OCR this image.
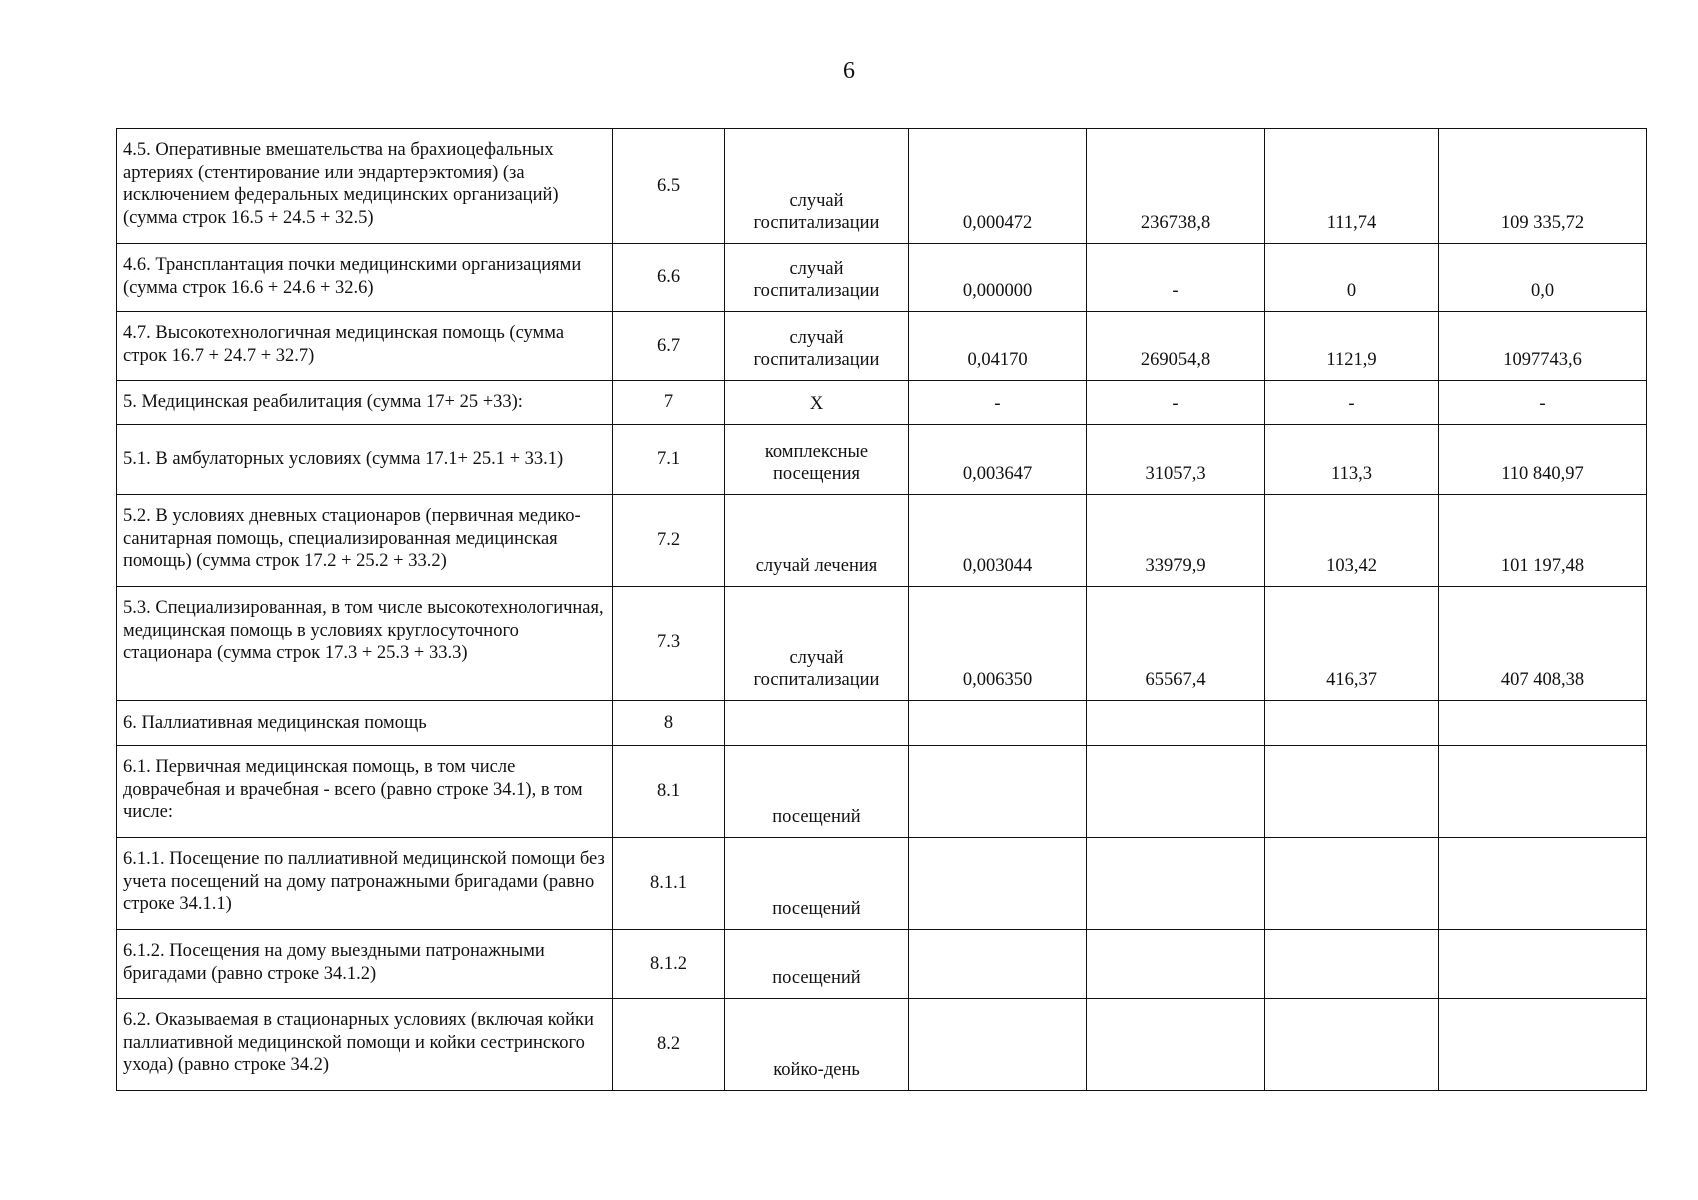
6
4.5. Оперативные вмешательства на брахиоцефальных артериях (стентирование или эндартерэктомия) (за исключением федеральных медицинских организаций) (сумма строк 16.5 + 24.5 + 32.5)	6.5	случай госпитализации	0,000472	236738,8	111,74	109 335,72
4.6. Трансплантация почки медицинскими организациями (сумма строк 16.6 + 24.6 + 32.6)	6.6	случай госпитализации	0,000000	-	0	0,0
4.7. Высокотехнологичная медицинская помощь (сумма строк 16.7 + 24.7 + 32.7)	6.7	случай госпитализации	0,04170	269054,8	1121,9	1097743,6
5. Медицинская реабилитация (сумма 17+ 25 +33):	7	Х	-	-	-	-
5.1. В амбулаторных условиях (сумма 17.1+ 25.1 + 33.1)	7.1	комплексные посещения	0,003647	31057,3	113,3	110 840,97
5.2. В условиях дневных стационаров (первичная медико-санитарная помощь, специализированная медицинская помощь) (сумма строк 17.2 + 25.2 + 33.2)	7.2	случай лечения	0,003044	33979,9	103,42	101 197,48
5.3. Специализированная, в том числе высокотехнологичная, медицинская помощь в условиях круглосуточного стационара (сумма строк 17.3 + 25.3 + 33.3)	7.3	случай госпитализации	0,006350	65567,4	416,37	407 408,38
6. Паллиативная медицинская помощь	8					
6.1. Первичная медицинская помощь, в том числе доврачебная и врачебная - всего (равно строке 34.1), в том числе:	8.1	посещений				
6.1.1. Посещение по паллиативной медицинской помощи без учета посещений на дому патронажными бригадами (равно строке 34.1.1)	8.1.1	посещений				
6.1.2. Посещения на дому выездными патронажными бригадами (равно строке 34.1.2)	8.1.2	посещений				
6.2. Оказываемая в стационарных условиях (включая койки паллиативной медицинской помощи и койки сестринского ухода) (равно строке 34.2)	8.2	койко-день				
